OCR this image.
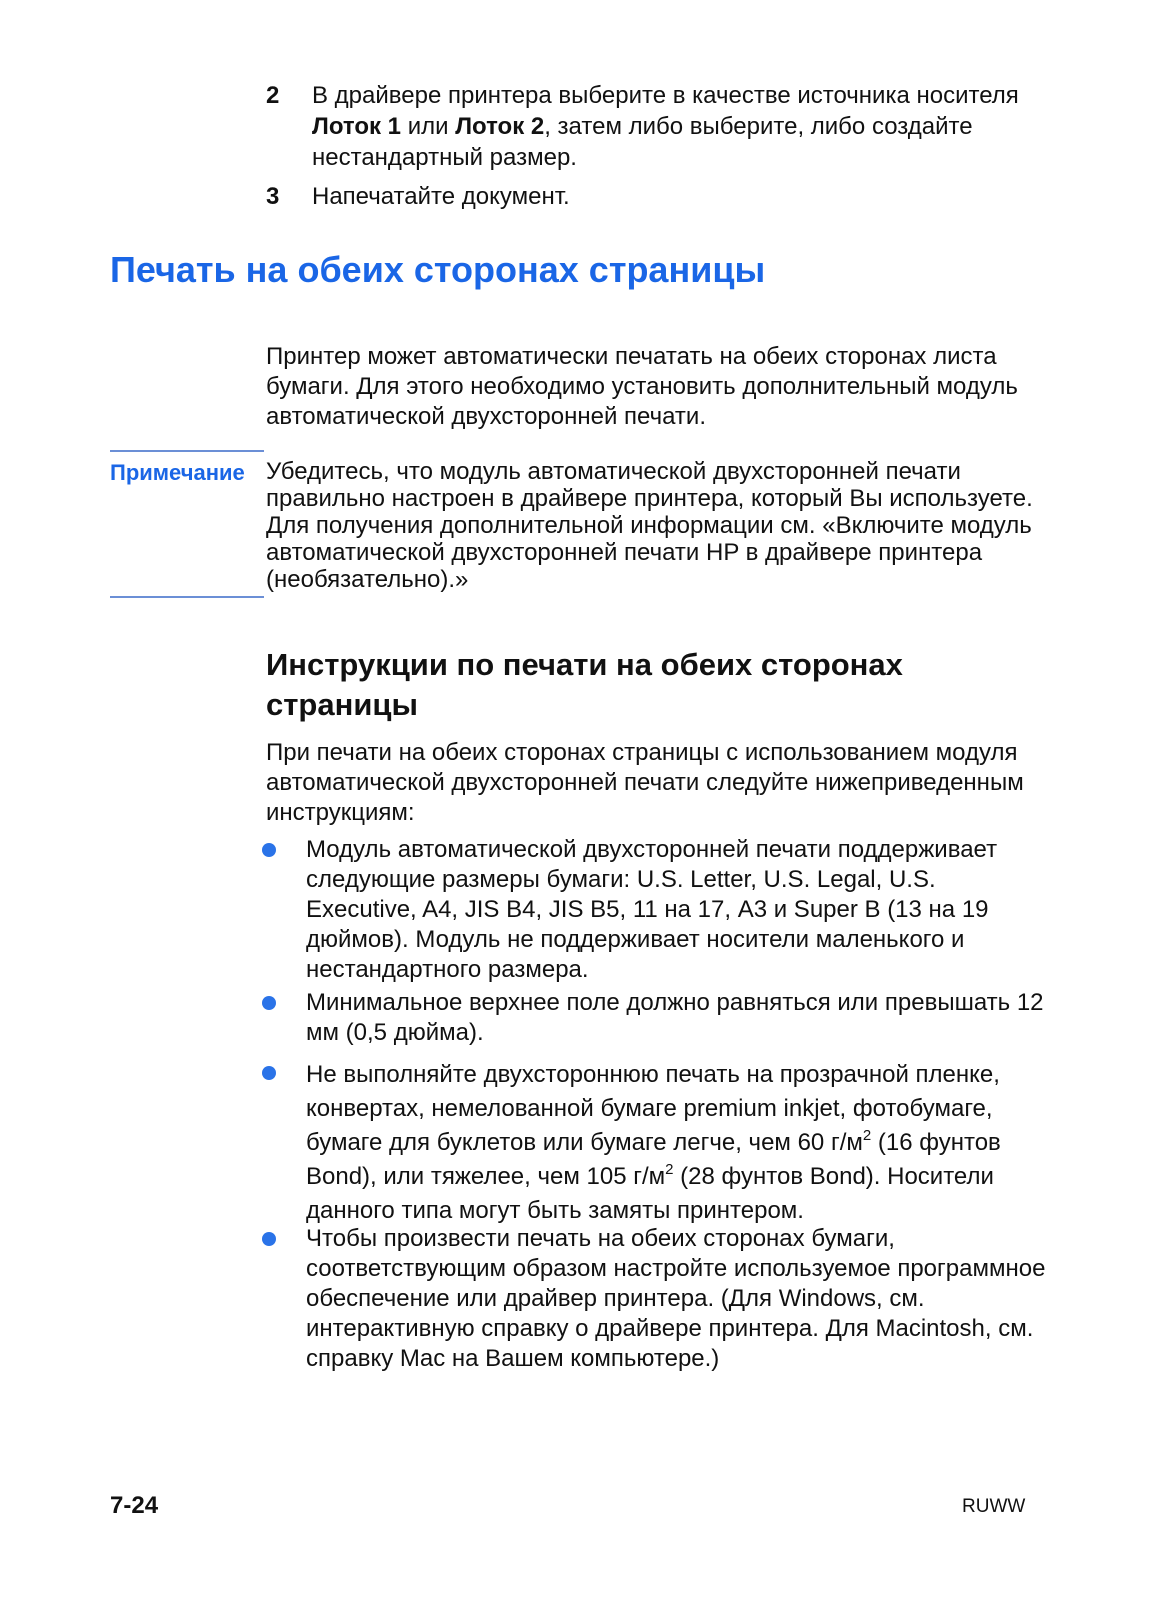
2 В драйвере принтера выберите в качестве источника носителя Лоток 1 или Лоток 2, затем либо выберите, либо создайте нестандартный размер.
3 Напечатайте документ.
Печать на обеих сторонах страницы

Принтер может автоматически печатать на обеих сторонах листа бумаги. Для этого необходимо установить дополнительный модуль автоматической двухсторонней печати.

Примечание Убедитесь, что модуль автоматической двухсторонней печати правильно настроен в драйвере принтера, который Вы используете. Для получения дополнительной информации см. «Включите модуль автоматической двухсторонней печати HP в драйвере принтера (необязательно).»

Инструкции по печати на обеих сторонах страницы

При печати на обеих сторонах страницы с использованием модуля автоматической двухсторонней печати следуйте нижеприведенным инструкциям:

Модуль автоматической двухсторонней печати поддерживает следующие размеры бумаги: U.S. Letter, U.S. Legal, U.S. Executive, A4, JIS B4, JIS B5, 11 на 17, A3 и Super B (13 на 19 дюймов). Модуль не поддерживает носители маленького и нестандартного размера.
Минимальное верхнее поле должно равняться или превышать 12 мм (0,5 дюйма).
Не выполняйте двухстороннюю печать на прозрачной пленке, конвертах, немелованной бумаге premium inkjet, фотобумаге, бумаге для буклетов или бумаге легче, чем 60 $г/м^2$ (16 фунтов Bond), или тяжелее, чем 105 $г/м^2$ (28 фунтов Bond). Носители данного типа могут быть замяты принтером.
Чтобы произвести печать на обеих сторонах бумаги, соответствующим образом настройте используемое программное обеспечение или драйвер принтера. (Для Windows, см. интерактивную справку о драйвере принтера. Для Macintosh, см. справку Mac на Вашем компьютере.)
7-24	RUWW
